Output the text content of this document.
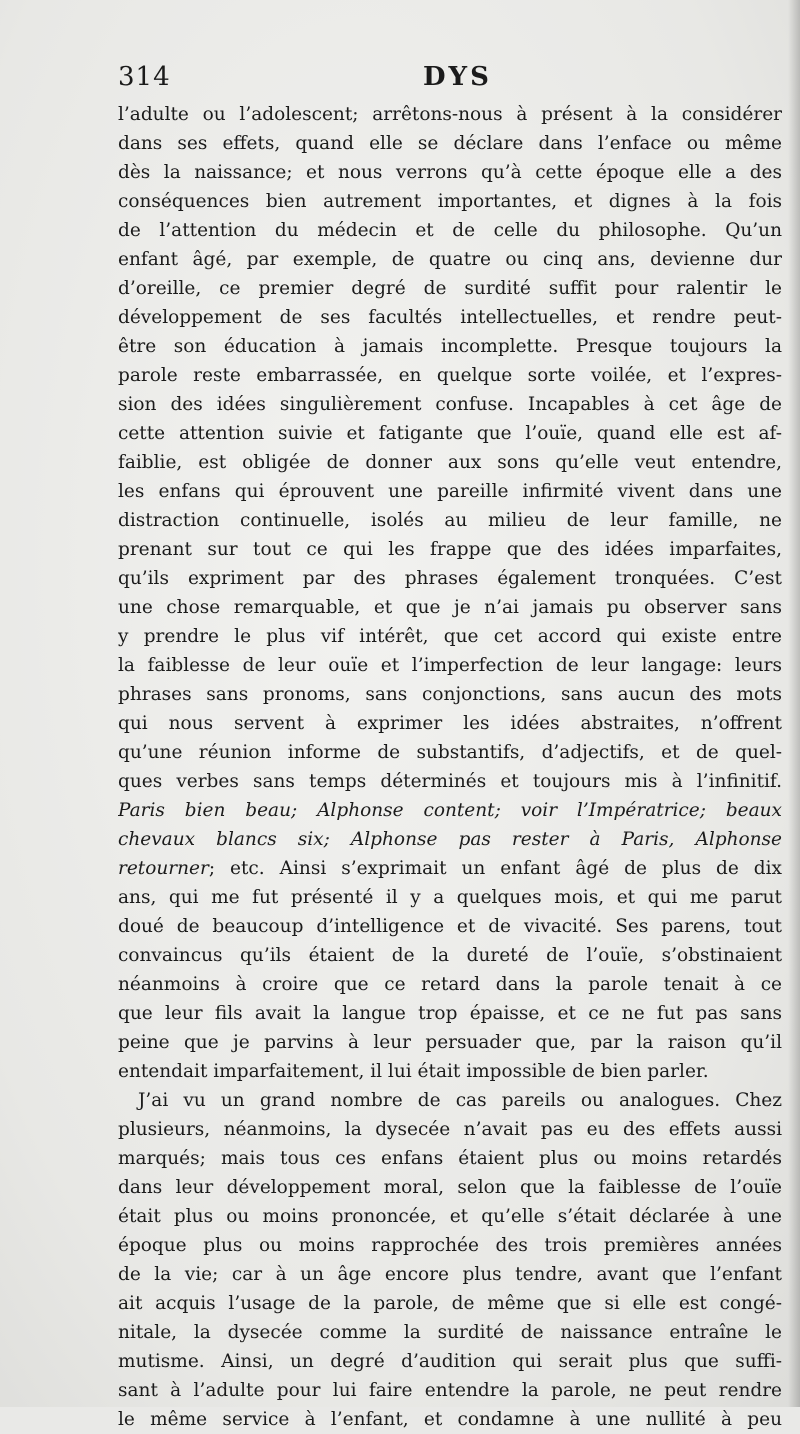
314	DYS
l’adulte ou l’adolescent; arrêtons-nous à présent à la considérer
dans ses effets, quand elle se déclare dans l’enface ou même
dès la naissance; et nous verrons qu’à cette époque elle a des
conséquences bien autrement importantes, et dignes à la fois
de l’attention du médecin et de celle du philosophe. Qu’un
enfant âgé, par exemple, de quatre ou cinq ans, devienne dur
d’oreille, ce premier degré de surdité suffit pour ralentir le
développement de ses facultés intellectuelles, et rendre peut-
être son éducation à jamais incomplette. Presque toujours la
parole reste embarrassée, en quelque sorte voilée, et l’expres-
sion des idées singulièrement confuse. Incapables à cet âge de
cette attention suivie et fatigante que l’ouïe, quand elle est af-
faiblie, est obligée de donner aux sons qu’elle veut entendre,
les enfans qui éprouvent une pareille infirmité vivent dans une
distraction continuelle, isolés au milieu de leur famille, ne
prenant sur tout ce qui les frappe que des idées imparfaites,
qu’ils expriment par des phrases également tronquées. C’est
une chose remarquable, et que je n’ai jamais pu observer sans
y prendre le plus vif intérêt, que cet accord qui existe entre
la faiblesse de leur ouïe et l’imperfection de leur langage: leurs
phrases sans pronoms, sans conjonctions, sans aucun des mots
qui nous servent à exprimer les idées abstraites, n’offrent
qu’une réunion informe de substantifs, d’adjectifs, et de quel-
ques verbes sans temps déterminés et toujours mis à l’infinitif.
Paris bien beau; Alphonse content; voir l’Impératrice; beaux
chevaux blancs six; Alphonse pas rester à Paris, Alphonse
retourner; etc. Ainsi s’exprimait un enfant âgé de plus de dix
ans, qui me fut présenté il y a quelques mois, et qui me parut
doué de beaucoup d’intelligence et de vivacité. Ses parens, tout
convaincus qu’ils étaient de la dureté de l’ouïe, s’obstinaient
néanmoins à croire que ce retard dans la parole tenait à ce
que leur fils avait la langue trop épaisse, et ce ne fut pas sans
peine que je parvins à leur persuader que, par la raison qu’il
entendait imparfaitement, il lui était impossible de bien parler.
J’ai vu un grand nombre de cas pareils ou analogues. Chez
plusieurs, néanmoins, la dysecée n’avait pas eu des effets aussi
marqués; mais tous ces enfans étaient plus ou moins retardés
dans leur développement moral, selon que la faiblesse de l’ouïe
était plus ou moins prononcée, et qu’elle s’était déclarée à une
époque plus ou moins rapprochée des trois premières années
de la vie; car à un âge encore plus tendre, avant que l’enfant
ait acquis l’usage de la parole, de même que si elle est congé-
nitale, la dysecée comme la surdité de naissance entraîne le
mutisme. Ainsi, un degré d’audition qui serait plus que suffi-
sant à l’adulte pour lui faire entendre la parole, ne peut rendre
le même service à l’enfant, et condamne à une nullité à peu
